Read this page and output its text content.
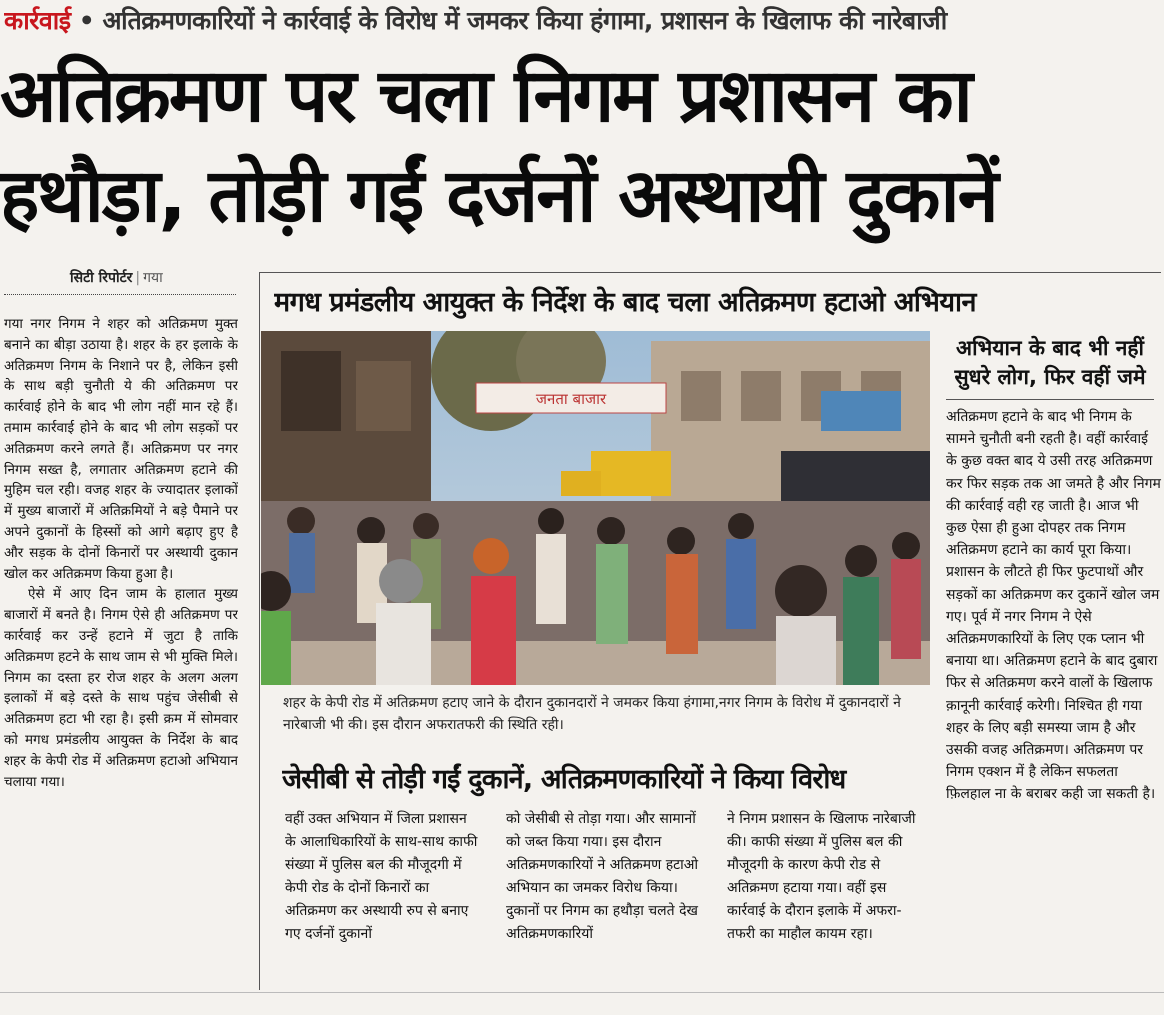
कार्रवाई • अतिक्रमणकारियों ने कार्रवाई के विरोध में जमकर किया हंगामा, प्रशासन के खिलाफ की नारेबाजी
अतिक्रमण पर चला निगम प्रशासन का
हथौड़ा, तोड़ी गईं दर्जनों अस्थायी दुकानें
सिटी रिपोर्टर | गया

गया नगर निगम ने शहर को अतिक्रमण मुक्त बनाने का बीड़ा उठाया है। शहर के हर इलाके के अतिक्रमण निगम के निशाने पर है, लेकिन इसी के साथ बड़ी चुनौती ये की अतिक्रमण पर कार्रवाई होने के बाद भी लोग नहीं मान रहे हैं। तमाम कार्रवाई होने के बाद भी लोग सड़कों पर अतिक्रमण करने लगते हैं। अतिक्रमण पर नगर निगम सख्त है, लगातार अतिक्रमण हटाने की मुहिम चल रही। वजह शहर के ज्यादातर इलाकों में मुख्य बाजारों में अतिक्रमियों ने बड़े पैमाने पर अपने दुकानों के हिस्सों को आगे बढ़ाए हुए है और सड़क के दोनों किनारों पर अस्थायी दुकान खोल कर अतिक्रमण किया हुआ है।

ऐसे में आए दिन जाम के हालात मुख्य बाजारों में बनते है। निगम ऐसे ही अतिक्रमण पर कार्रवाई कर उन्हें हटाने में जुटा है ताकि अतिक्रमण हटने के साथ जाम से भी मुक्ति मिले। निगम का दस्ता हर रोज शहर के अलग अलग इलाकों में बड़े दस्ते के साथ पहुंच जेसीबी से अतिक्रमण हटा भी रहा है। इसी क्रम में सोमवार को मगध प्रमंडलीय आयुक्त के निर्देश के बाद शहर के केपी रोड में अतिक्रमण हटाओ अभियान चलाया गया।

मगध प्रमंडलीय आयुक्त के निर्देश के बाद चला अतिक्रमण हटाओ अभियान
जनता बाजार
शहर के केपी रोड में अतिक्रमण हटाए जाने के दौरान दुकानदारों ने जमकर किया हंगामा,नगर निगम के विरोध में दुकानदारों ने नारेबाजी भी की। इस दौरान अफरातफरी की स्थिति रही।
अभियान के बाद भी नहीं सुधरे लोग, फिर वहीं जमे

अतिक्रमण हटाने के बाद भी निगम के सामने चुनौती बनी रहती है। वहीं कार्रवाई के कुछ वक्त बाद ये उसी तरह अतिक्रमण कर फिर सड़क तक आ जमते है और निगम की कार्रवाई वही रह जाती है। आज भी कुछ ऐसा ही हुआ दोपहर तक निगम अतिक्रमण हटाने का कार्य पूरा किया। प्रशासन के लौटते ही फिर फुटपाथों और सड़कों का अतिक्रमण कर दुकानें खोल जम गए। पूर्व में नगर निगम ने ऐसे अतिक्रमणकारियों के लिए एक प्लान भी बनाया था। अतिक्रमण हटाने के बाद दुबारा फिर से अतिक्रमण करने वालों के खिलाफ क़ानूनी कार्रवाई करेगी। निश्चित ही गया शहर के लिए बड़ी समस्या जाम है और उसकी वजह अतिक्रमण। अतिक्रमण पर निगम एक्शन में है लेकिन सफलता फ़िलहाल ना के बराबर कही जा सकती है।

जेसीबी से तोड़ी गईं दुकानें, अतिक्रमणकारियों ने किया विरोध

वहीं उक्त अभियान में जिला प्रशासन के आलाधिकारियों के साथ-साथ काफी संख्या में पुलिस बल की मौजूदगी में केपी रोड के दोनों किनारों का अतिक्रमण कर अस्थायी रुप से बनाए गए दर्जनों दुकानों

को जेसीबी से तोड़ा गया। और सामानों को जब्त किया गया। इस दौरान अतिक्रमणकारियों ने अतिक्रमण हटाओ अभियान का जमकर विरोध किया। दुकानों पर निगम का हथौड़ा चलते देख अतिक्रमणकारियों

ने निगम प्रशासन के खिलाफ नारेबाजी की। काफी संख्या में पुलिस बल की मौजूदगी के कारण केपी रोड से अतिक्रमण हटाया गया। वहीं इस कार्रवाई के दौरान इलाके में अफरा-तफरी का माहौल कायम रहा।
